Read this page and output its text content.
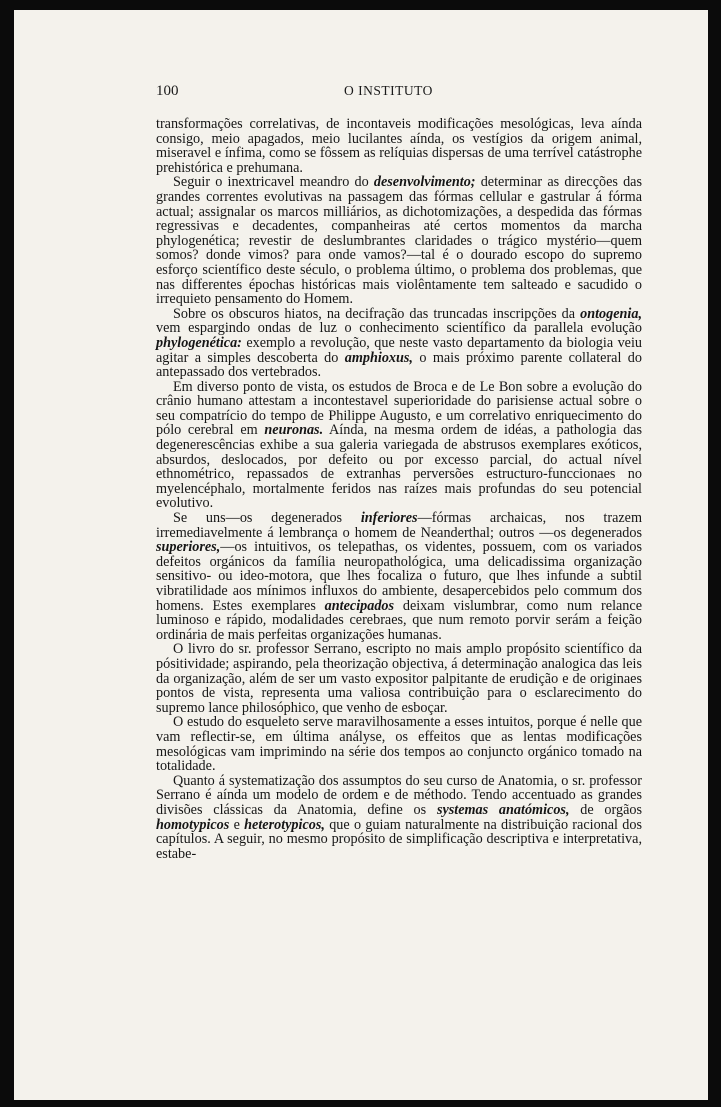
100	O INSTITUTO

transformações correlativas, de incontaveis modificações mesológicas, leva aínda consigo, meio apagados, meio lucilantes aínda, os vestígios da origem animal, miseravel e ínfima, como se fôssem as relíquias dispersas de uma terrível catástrophe prehistórica e prehumana.

Seguir o inextricavel meandro do desenvolvimento; determinar as direcções das grandes correntes evolutivas na passagem das fórmas cellular e gastrular á fórma actual; assignalar os marcos milliários, as dichotomizações, a despedida das fórmas regressivas e decadentes, companheiras até certos momentos da marcha phylogenética; revestir de deslumbrantes claridades o trágico mystério—quem somos? donde vimos? para onde vamos?—tal é o dourado escopo do supremo esforço scientífico deste século, o problema último, o problema dos problemas, que nas differentes épochas históricas mais violêntamente tem salteado e sacudido o irrequieto pensamento do Homem.

Sobre os obscuros hiatos, na decifração das truncadas inscripções da ontogenia, vem espargindo ondas de luz o conhecimento scientífico da parallela evolução phylogenética: exemplo a revolução, que neste vasto departamento da biologia veiu agitar a simples descoberta do amphioxus, o mais próximo parente collateral do antepassado dos vertebrados.

Em diverso ponto de vista, os estudos de Broca e de Le Bon sobre a evolução do crânio humano attestam a incontestavel superioridade do parisiense actual sobre o seu compatrício do tempo de Philippe Augusto, e um correlativo enriquecimento do pólo cerebral em neuronas. Aínda, na mesma ordem de idéas, a pathologia das degenerescências exhibe a sua galeria variegada de abstrusos exemplares exóticos, absurdos, deslocados, por defeito ou por excesso parcial, do actual nível ethnométrico, repassados de extranhas perversões estructuro-funccionaes no myelencéphalo, mortalmente feridos nas raízes mais profundas do seu potencial evolutivo.

Se uns—os degenerados inferiores—fórmas archaicas, nos trazem irremediavelmente á lembrança o homem de Neanderthal; outros —os degenerados superiores,—os intuitivos, os telepathas, os videntes, possuem, com os variados defeitos orgánicos da família neuropathológica, uma delicadissima organização sensitivo- ou ideo-motora, que lhes focaliza o futuro, que lhes infunde a subtil vibratilidade aos mínimos influxos do ambiente, desapercebidos pelo commum dos homens. Estes exemplares antecipados deixam vislumbrar, como num relance luminoso e rápido, modalidades cerebraes, que num remoto porvir serám a feição ordinária de mais perfeitas organizações humanas.

O livro do sr. professor Serrano, escripto no mais amplo propósito scientífico da pósitividade; aspirando, pela theorização objectiva, á determinação analogica das leis da organização, além de ser um vasto expositor palpitante de erudição e de originaes pontos de vista, representa uma valiosa contribuição para o esclarecimento do supremo lance philosóphico, que venho de esboçar.

O estudo do esqueleto serve maravilhosamente a esses intuitos, porque é nelle que vam reflectir-se, em última anályse, os effeitos que as lentas modificações mesológicas vam imprimindo na série dos tempos ao conjuncto orgánico tomado na totalidade.

Quanto á systematização dos assumptos do seu curso de Anatomia, o sr. professor Serrano é aínda um modelo de ordem e de méthodo. Tendo accentuado as grandes divisões clássicas da Anatomia, define os systemas anatómicos, de orgãos homotypicos e heterotypicos, que o guiam naturalmente na distribuição racional dos capítulos. A seguir, no mesmo propósito de simplificação descriptiva e interpretativa, estabe-
